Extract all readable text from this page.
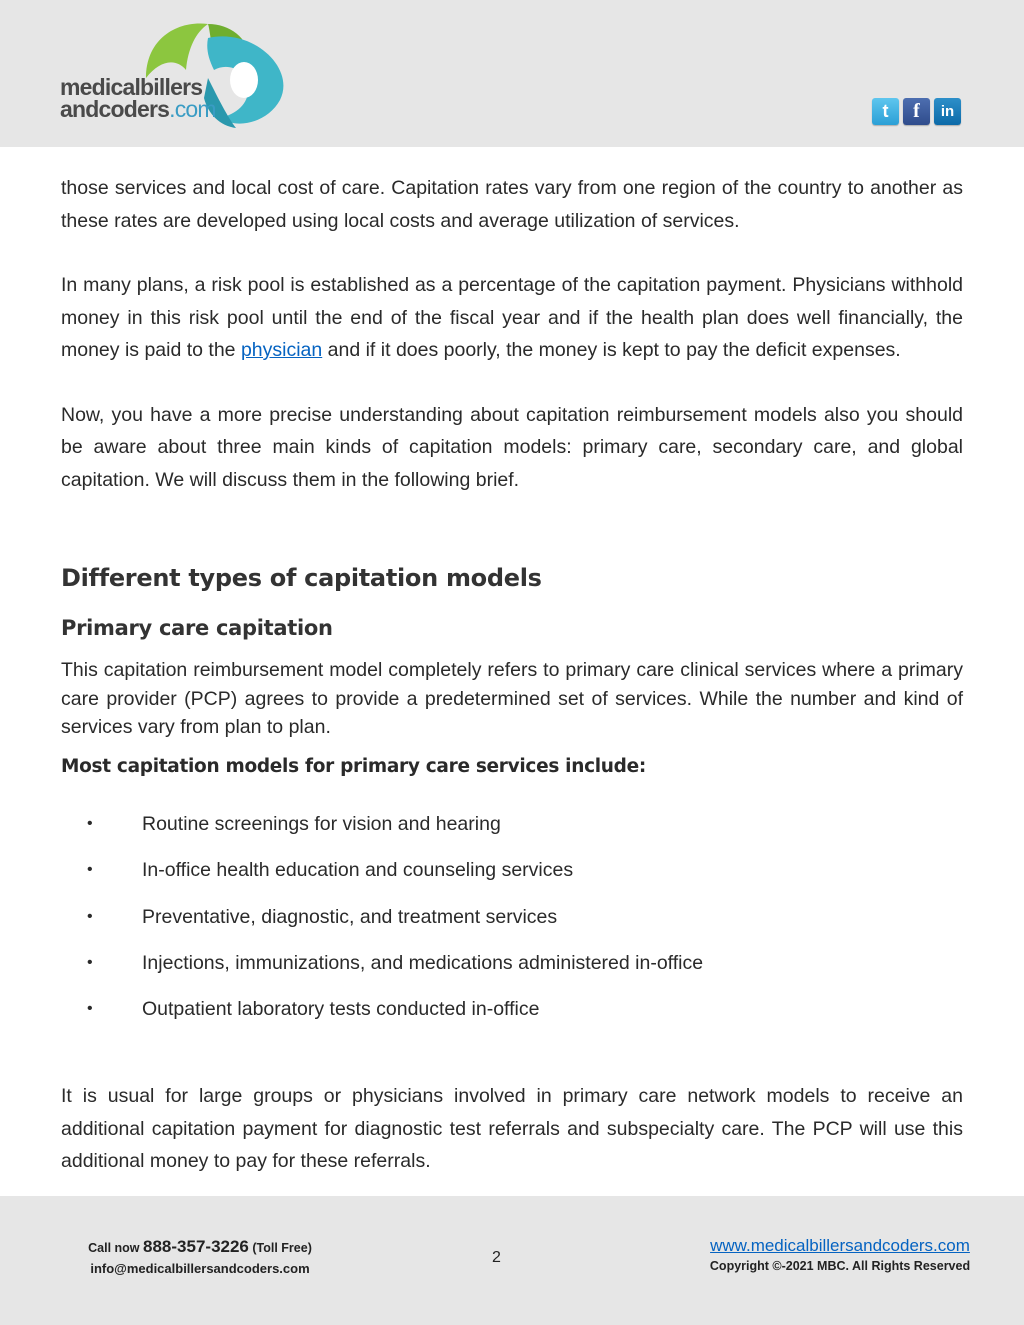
medicalbillers
andcoders.com	t	f	in

those services and local cost of care. Capitation rates vary from one region of the country to another as these rates are developed using local costs and average utilization of services.

In many plans, a risk pool is established as a percentage of the capitation payment. Physicians withhold money in this risk pool until the end of the fiscal year and if the health plan does well financially, the money is paid to the physician and if it does poorly, the money is kept to pay the deficit expenses.

Now, you have a more precise understanding about capitation reimbursement models also you should be aware about three main kinds of capitation models: primary care, secondary care, and global capitation. We will discuss them in the following brief.

Different types of capitation models
Primary care capitation

This capitation reimbursement model completely refers to primary care clinical services where a primary care provider (PCP) agrees to provide a predetermined set of services. While the number and kind of services vary from plan to plan.

Most capitation models for primary care services include:

•	Routine screenings for vision and hearing
•	In-office health education and counseling services
•	Preventative, diagnostic, and treatment services
•	Injections, immunizations, and medications administered in-office
•	Outpatient laboratory tests conducted in-office

It is usual for large groups or physicians involved in primary care network models to receive an additional capitation payment for diagnostic test referrals and subspecialty care. The PCP will use this additional money to pay for these referrals.

Call now 888-357-3226 (Toll Free)
info@medicalbillersandcoders.com
2
www.medicalbillersandcoders.com
Copyright ©-2021 MBC. All Rights Reserved
